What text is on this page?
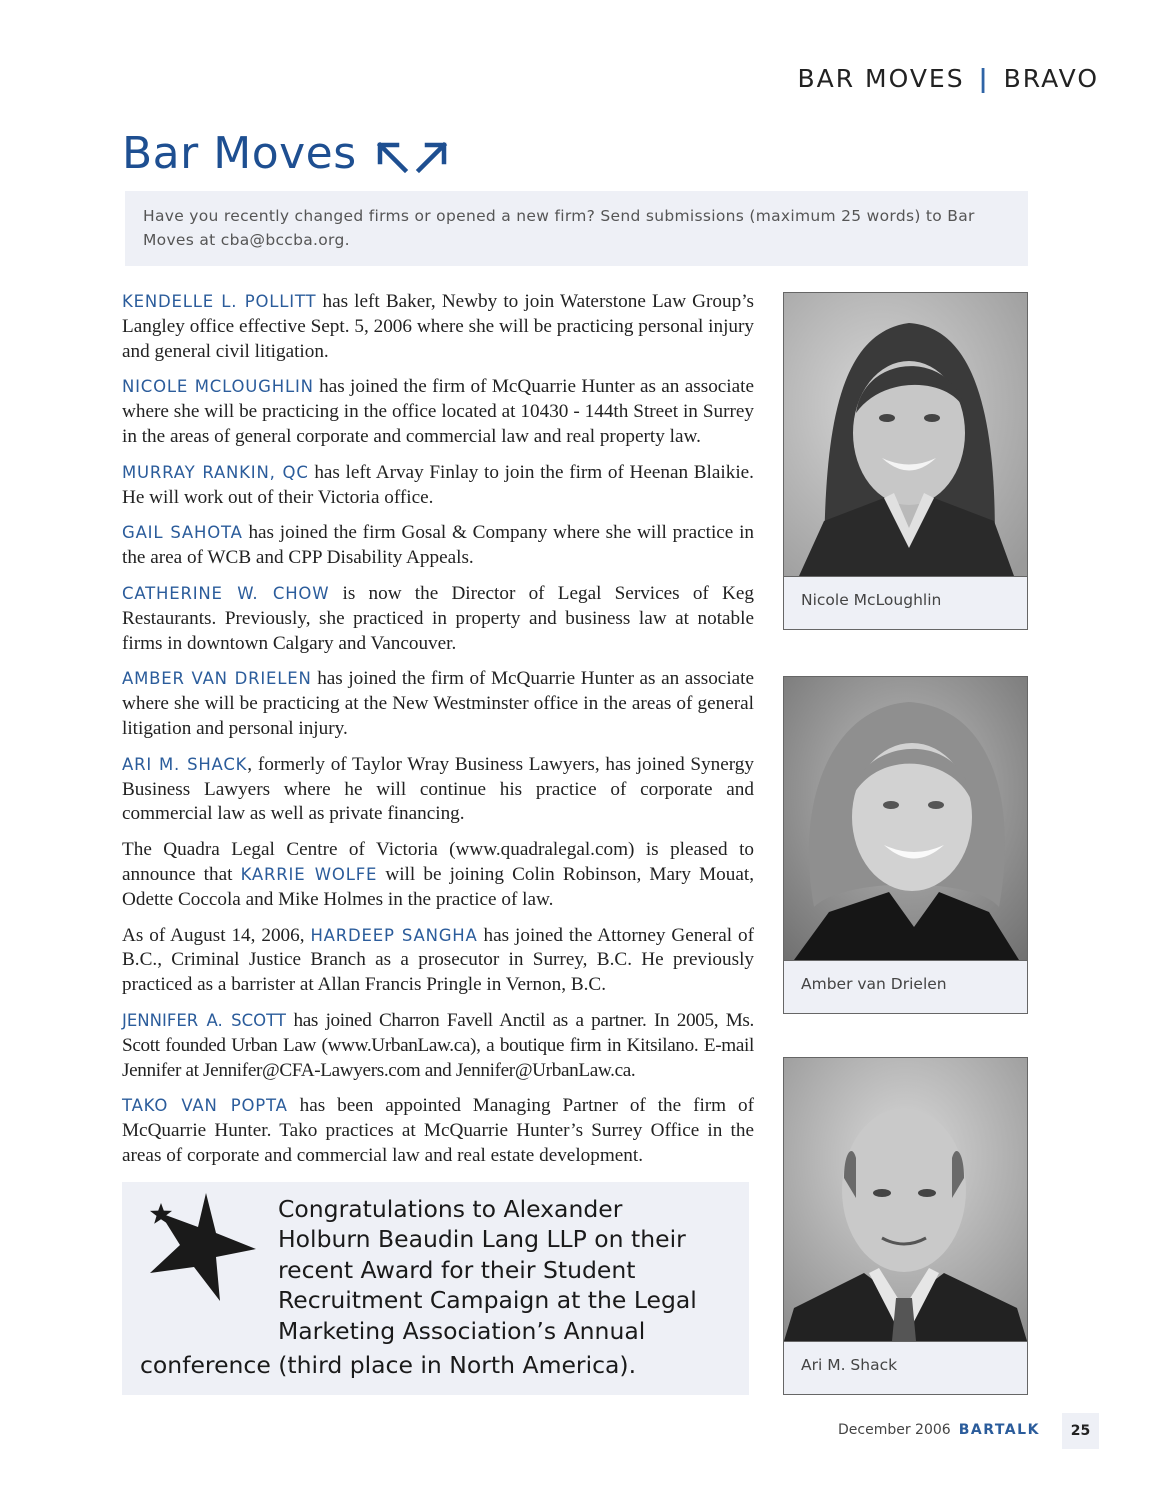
BAR MOVES | BRAVO
Bar Moves
Have you recently changed firms or opened a new firm? Send submissions (maximum 25 words) to Bar Moves at cba@bccba.org.

KENDELLE L. POLLITT has left Baker, Newby to join Waterstone Law Group’s Langley office effective Sept. 5, 2006 where she will be practicing personal injury and general civil litigation.

NICOLE MCLOUGHLIN has joined the firm of McQuarrie Hunter as an associate where she will be practicing in the office located at 10430 - 144th Street in Surrey in the areas of general corporate and commercial law and real property law.

MURRAY RANKIN, QC has left Arvay Finlay to join the firm of Heenan Blaikie. He will work out of their Victoria office.

GAIL SAHOTA has joined the firm Gosal & Company where she will practice in the area of WCB and CPP Disability Appeals.

CATHERINE W. CHOW is now the Director of Legal Services of Keg Restaurants. Previously, she practiced in property and business law at notable firms in downtown Calgary and Vancouver.

AMBER VAN DRIELEN has joined the firm of McQuarrie Hunter as an associate where she will be practicing at the New Westminster office in the areas of general litigation and personal injury.

ARI M. SHACK, formerly of Taylor Wray Business Lawyers, has joined Synergy Business Lawyers where he will continue his practice of corporate and commercial law as well as private financing.

The Quadra Legal Centre of Victoria (www.quadralegal.com) is pleased to announce that KARRIE WOLFE will be joining Colin Robinson, Mary Mouat, Odette Coccola and Mike Holmes in the practice of law.

As of August 14, 2006, HARDEEP SANGHA has joined the Attorney General of B.C., Criminal Justice Branch as a prosecutor in Surrey, B.C. He previously practiced as a barrister at Allan Francis Pringle in Vernon, B.C.

JENNIFER A. SCOTT has joined Charron Favell Anctil as a partner. In 2005, Ms. Scott founded Urban Law (www.UrbanLaw.ca), a boutique firm in Kitsilano. E-mail Jennifer at Jennifer@CFA-Lawyers.com and Jennifer@UrbanLaw.ca.

TAKO VAN POPTA has been appointed Managing Partner of the firm of McQuarrie Hunter. Tako practices at McQuarrie Hunter’s Surrey Office in the areas of corporate and commercial law and real estate development.

Congratulations to Alexander
Holburn Beaudin Lang LLP on their
recent Award for their Student
Recruitment Campaign at the Legal
Marketing Association’s Annual
conference (third place in North America).
Nicole McLoughlin
Amber van Drielen
Ari M. Shack
December 2006 BARTALK	25
